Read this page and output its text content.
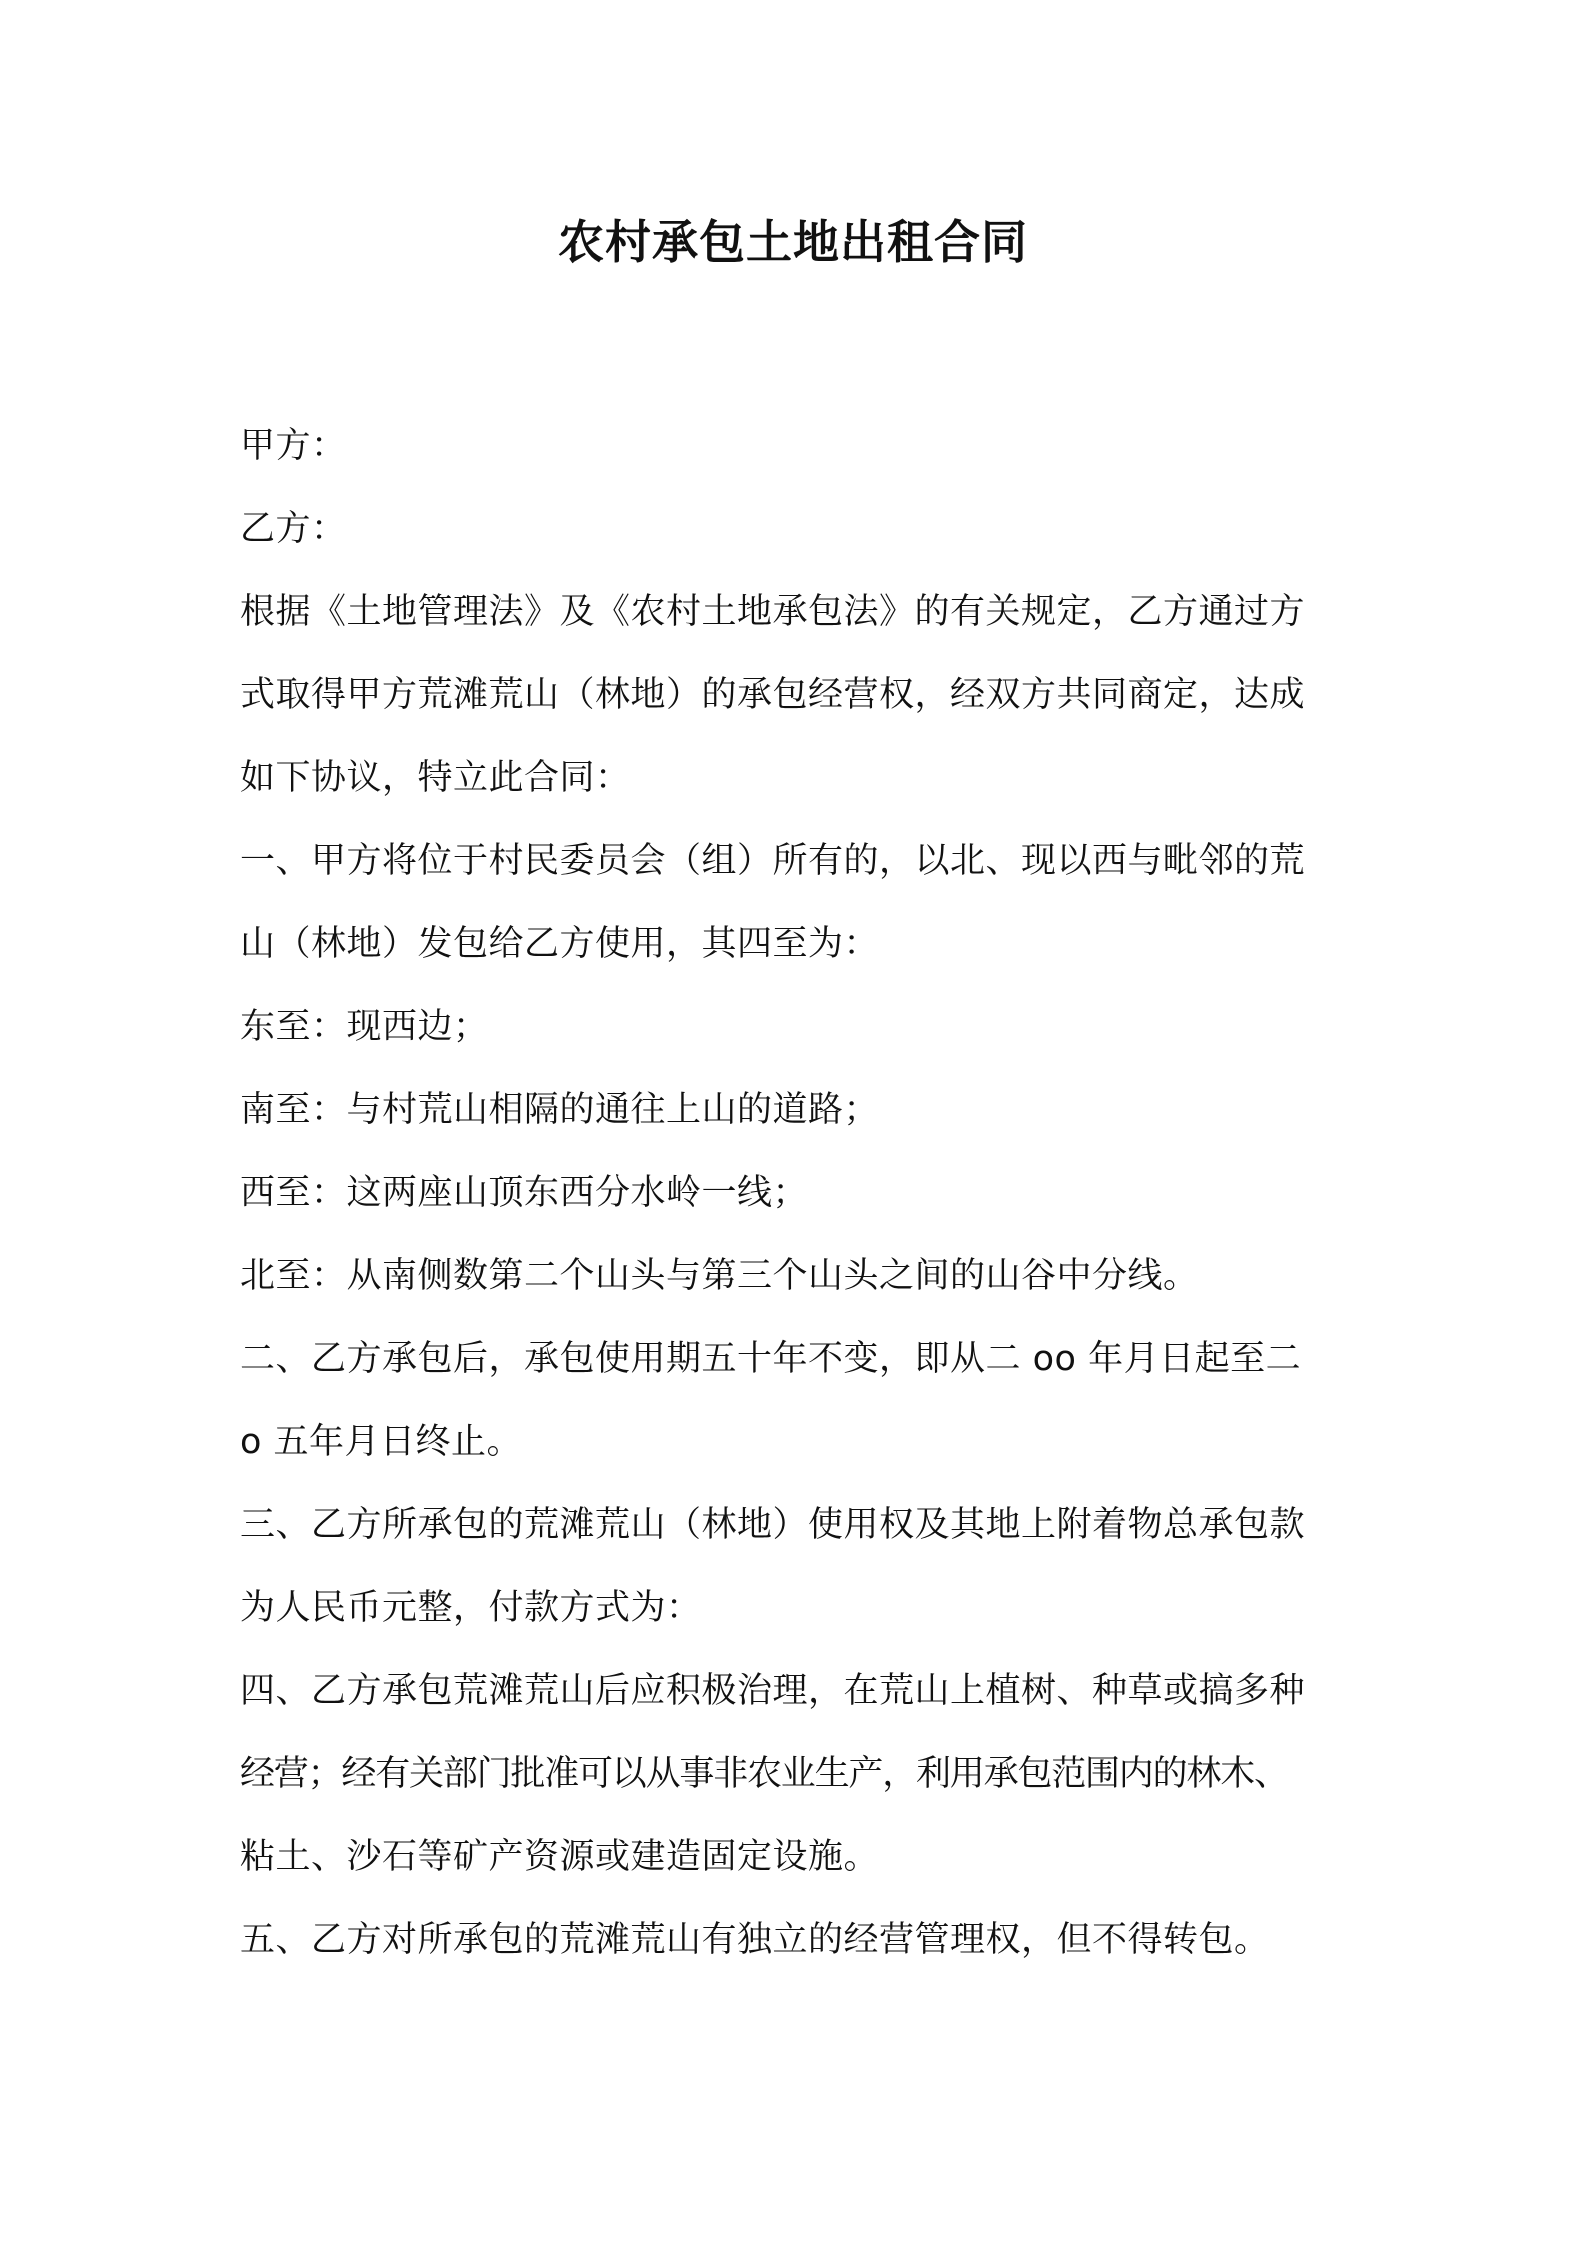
农村承包土地出租合同
甲方：
乙方：
根据《土地管理法》及《农村土地承包法》的有关规定，乙方通过方
式取得甲方荒滩荒山（林地）的承包经营权，经双方共同商定，达成
如下协议，特立此合同：
一、甲方将位于村民委员会（组）所有的，以北、现以西与毗邻的荒
山（林地）发包给乙方使用，其四至为：
东至：现西边；
南至：与村荒山相隔的通往上山的道路；
西至：这两座山顶东西分水岭一线；
北至：从南侧数第二个山头与第三个山头之间的山谷中分线。
二、乙方承包后，承包使用期五十年不变，即从二 oo 年月日起至二
o 五年月日终止。
三、乙方所承包的荒滩荒山（林地）使用权及其地上附着物总承包款
为人民币元整，付款方式为：
四、乙方承包荒滩荒山后应积极治理，在荒山上植树、种草或搞多种
经营；经有关部门批准可以从事非农业生产，利用承包范围内的林木、
粘土、沙石等矿产资源或建造固定设施。
五、乙方对所承包的荒滩荒山有独立的经营管理权，但不得转包。
